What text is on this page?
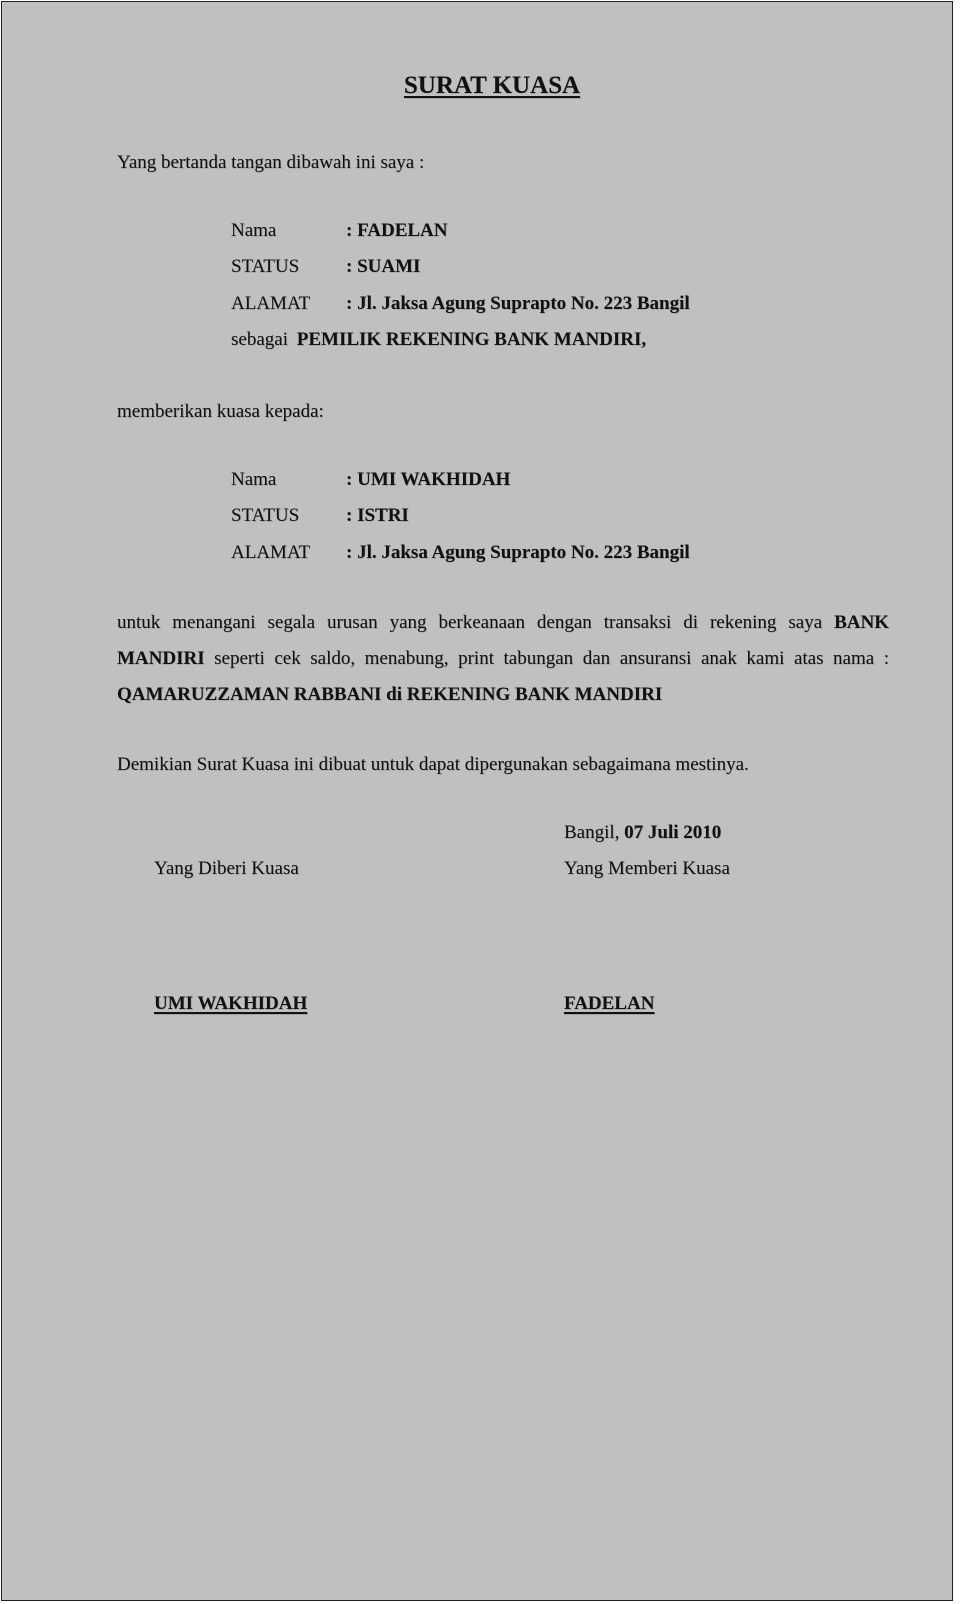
SURAT KUASA
Yang bertanda tangan dibawah ini saya :
Nama	: FADELAN
STATUS : SUAMI
ALAMAT : Jl. Jaksa Agung Suprapto No. 223 Bangil
sebagai PEMILIK REKENING BANK MANDIRI,
memberikan kuasa kepada:
Nama	: UMI WAKHIDAH
STATUS : ISTRI
ALAMAT : Jl. Jaksa Agung Suprapto No. 223 Bangil
untuk menangani segala urusan yang berkeanaan dengan transaksi di rekening saya BANK MANDIRI seperti cek saldo, menabung, print tabungan dan ansuransi anak kami atas nama : QAMARUZZAMAN RABBANI di REKENING BANK MANDIRI
Demikian Surat Kuasa ini dibuat untuk dapat dipergunakan sebagaimana mestinya.
Bangil, 07 Juli 2010
Yang Diberi Kuasa	Yang Memberi Kuasa
UMI WAKHIDAH	FADELAN
